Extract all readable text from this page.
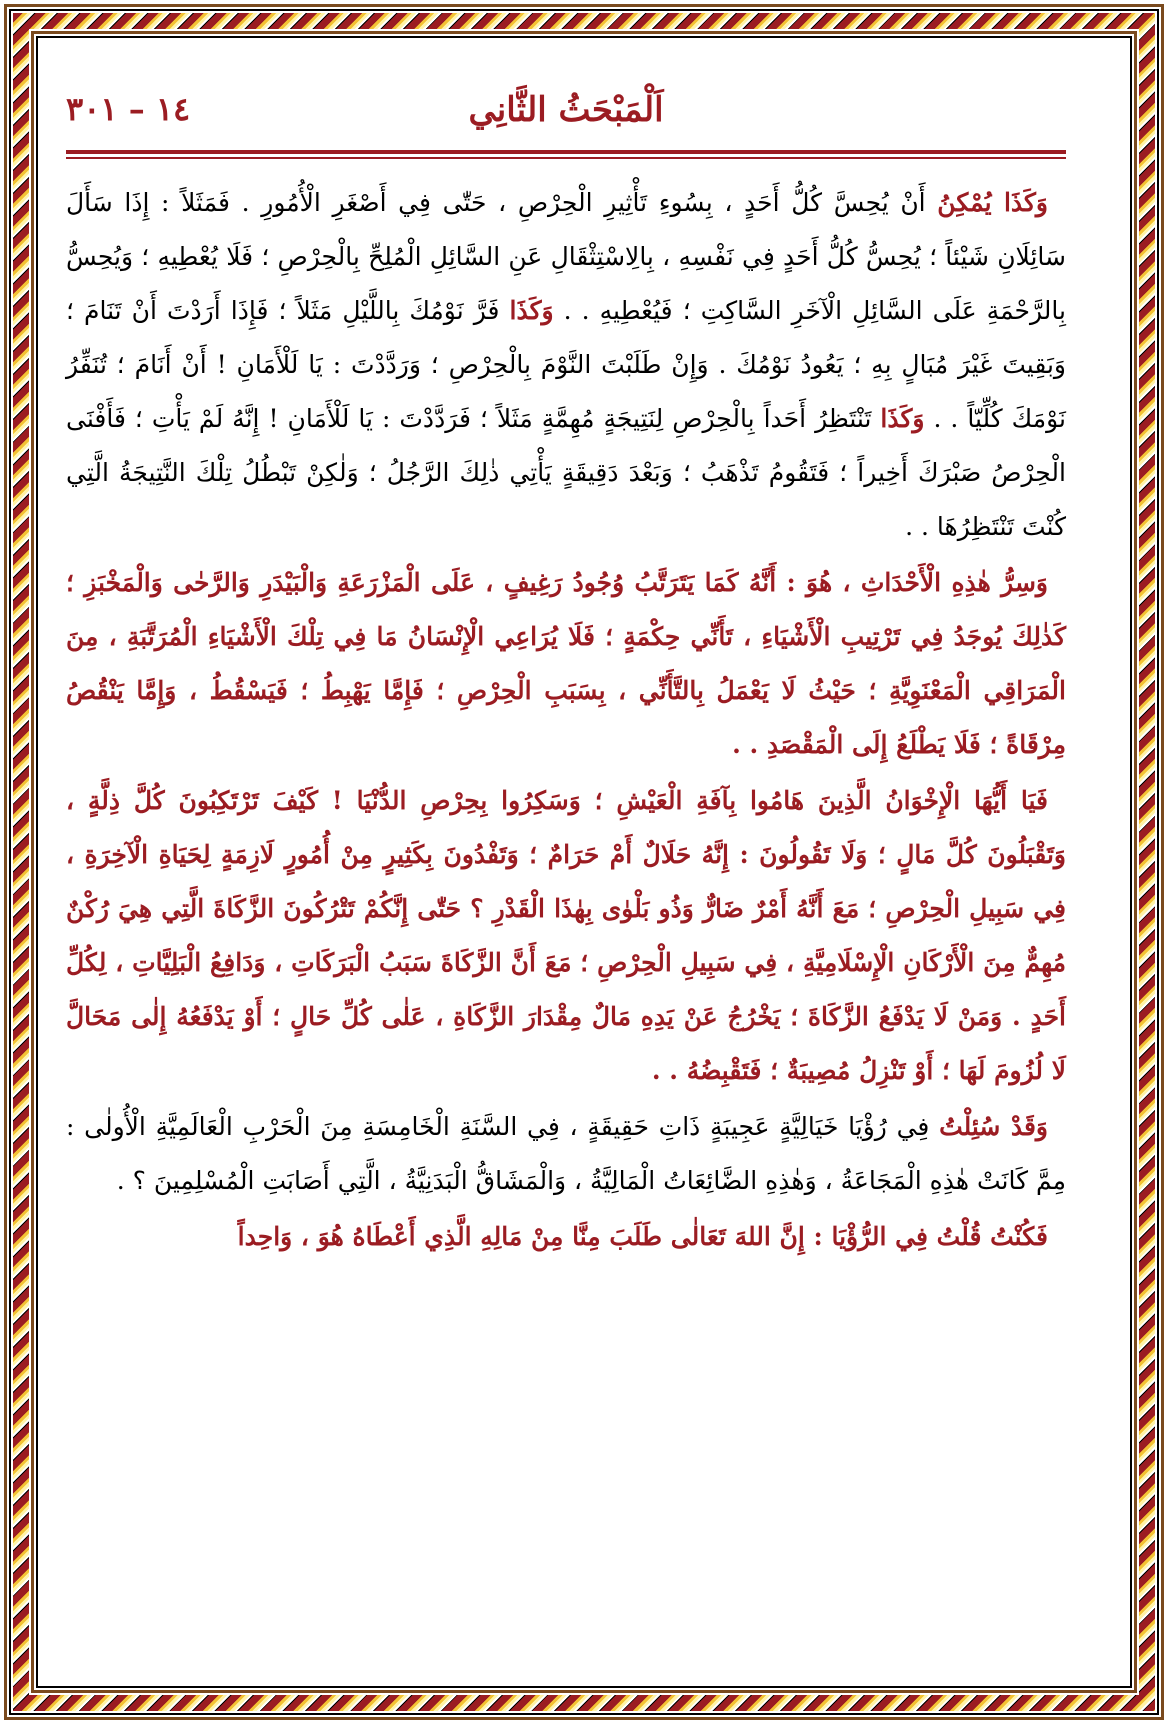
اَلْمَبْحَثُ الثَّانِي
١٤ – ٣٠١

وَكَذَا يُمْكِنُ أَنْ يُحِسَّ كُلُّ أَحَدٍ ، بِسُوءِ تَأْثِيرِ الْحِرْصِ ، حَتّٰى فِي أَصْغَرِ الْأُمُورِ . فَمَثَلاً : إِذَا سَأَلَ سَائِلَانِ شَيْئاً ؛ يُحِسُّ كُلُّ أَحَدٍ فِي نَفْسِهِ ، بِالِاسْتِثْقَالِ عَنِ السَّائِلِ الْمُلِحِّ بِالْحِرْصِ ؛ فَلَا يُعْطِيهِ ؛ وَيُحِسُّ بِالرَّحْمَةِ عَلَى السَّائِلِ الْآخَرِ السَّاكِتِ ؛ فَيُعْطِيهِ . . وَكَذَا فَرَّ نَوْمُكَ بِاللَّيْلِ مَثَلاً ؛ فَإِذَا أَرَدْتَ أَنْ تَنَامَ ؛ وَبَقِيتَ غَيْرَ مُبَالٍ بِهِ ؛ يَعُودُ نَوْمُكَ . وَإِنْ طَلَبْتَ النَّوْمَ بِالْحِرْصِ ؛ وَرَدَّدْتَ : يَا لَلْأَمَانِ ! أَنْ أَنَامَ ؛ تُنَفِّرُ نَوْمَكَ كُلِّيّاً . . وَكَذَا تَنْتَظِرُ أَحَداً بِالْحِرْصِ لِنَتِيجَةٍ مُهِمَّةٍ مَثَلاً ؛ فَرَدَّدْتَ : يَا لَلْأَمَانِ ! إِنَّهُ لَمْ يَأْتِ ؛ فَأَفْنَى الْحِرْصُ صَبْرَكَ أَخِيراً ؛ فَتَقُومُ تَذْهَبُ ؛ وَبَعْدَ دَقِيقَةٍ يَأْتِي ذٰلِكَ الرَّجُلُ ؛ وَلٰكِنْ تَبْطُلُ تِلْكَ النَّتِيجَةُ الَّتِي كُنْتَ تَنْتَظِرُهَا . .

وَسِرُّ هٰذِهِ الْأَحْدَاثِ ، هُوَ : أَنَّهُ كَمَا يَتَرَتَّبُ وُجُودُ رَغِيفٍ ، عَلَى الْمَزْرَعَةِ وَالْبَيْدَرِ وَالرَّحٰى وَالْمَخْبَزِ ؛ كَذٰلِكَ يُوجَدُ فِي تَرْتِيبِ الْأَشْيَاءِ ، تَأَنِّي حِكْمَةٍ ؛ فَلَا يُرَاعِي الْإِنْسَانُ مَا فِي تِلْكَ الْأَشْيَاءِ الْمُرَتَّبَةِ ، مِنَ الْمَرَاقِي الْمَعْنَوِيَّةِ ؛ حَيْثُ لَا يَعْمَلُ بِالتَّأَنِّي ، بِسَبَبِ الْحِرْصِ ؛ فَإِمَّا يَهْبِطُ ؛ فَيَسْقُطُ ، وَإِمَّا يَنْقُصُ مِرْقَاةً ؛ فَلَا يَطْلَعُ إِلَى الْمَقْصَدِ . .

فَيَا أَيُّهَا الْإِخْوَانُ الَّذِينَ هَامُوا بِآفَةِ الْعَيْشِ ؛ وَسَكِرُوا بِحِرْصِ الدُّنْيَا ! كَيْفَ تَرْتَكِبُونَ كُلَّ ذِلَّةٍ ، وَتَقْبَلُونَ كُلَّ مَالٍ ؛ وَلَا تَقُولُونَ : إِنَّهُ حَلَالٌ أَمْ حَرَامٌ ؛ وَتَفْدُونَ بِكَثِيرٍ مِنْ أُمُورٍ لَازِمَةٍ لِحَيَاةِ الْآخِرَةِ ، فِي سَبِيلِ الْحِرْصِ ؛ مَعَ أَنَّهُ أَمْرٌ ضَارٌّ وَذُو بَلْوٰى بِهٰذَا الْقَدْرِ ؟ حَتّٰى إِنَّكُمْ تَتْرُكُونَ الزَّكَاةَ الَّتِي هِيَ رُكْنٌ مُهِمٌّ مِنَ الْأَرْكَانِ الْإِسْلَامِيَّةِ ، فِي سَبِيلِ الْحِرْصِ ؛ مَعَ أَنَّ الزَّكَاةَ سَبَبُ الْبَرَكَاتِ ، وَدَافِعُ الْبَلِيَّاتِ ، لِكُلِّ أَحَدٍ . وَمَنْ لَا يَدْفَعُ الزَّكَاةَ ؛ يَخْرُجُ عَنْ يَدِهِ مَالٌ مِقْدَارَ الزَّكَاةِ ، عَلٰى كُلِّ حَالٍ ؛ أَوْ يَدْفَعُهُ إِلٰى مَحَالَّ لَا لُزُومَ لَهَا ؛ أَوْ تَنْزِلُ مُصِيبَةٌ ؛ فَتَقْبِضُهُ . .

وَقَدْ سُئِلْتُ فِي رُؤْيَا خَيَالِيَّةٍ عَجِيبَةٍ ذَاتِ حَقِيقَةٍ ، فِي السَّنَةِ الْخَامِسَةِ مِنَ الْحَرْبِ الْعَالَمِيَّةِ الْأُولٰى : مِمَّ كَانَتْ هٰذِهِ الْمَجَاعَةُ ، وَهٰذِهِ الضَّائِعَاتُ الْمَالِيَّةُ ، وَالْمَشَاقُّ الْبَدَنِيَّةُ ، الَّتِي أَصَابَتِ الْمُسْلِمِينَ ؟ .

فَكُنْتُ قُلْتُ فِي الرُّؤْيَا : إِنَّ اللهَ تَعَالٰى طَلَبَ مِنَّا مِنْ مَالِهِ الَّذِي أَعْطَاهُ هُوَ ، وَاحِداً
